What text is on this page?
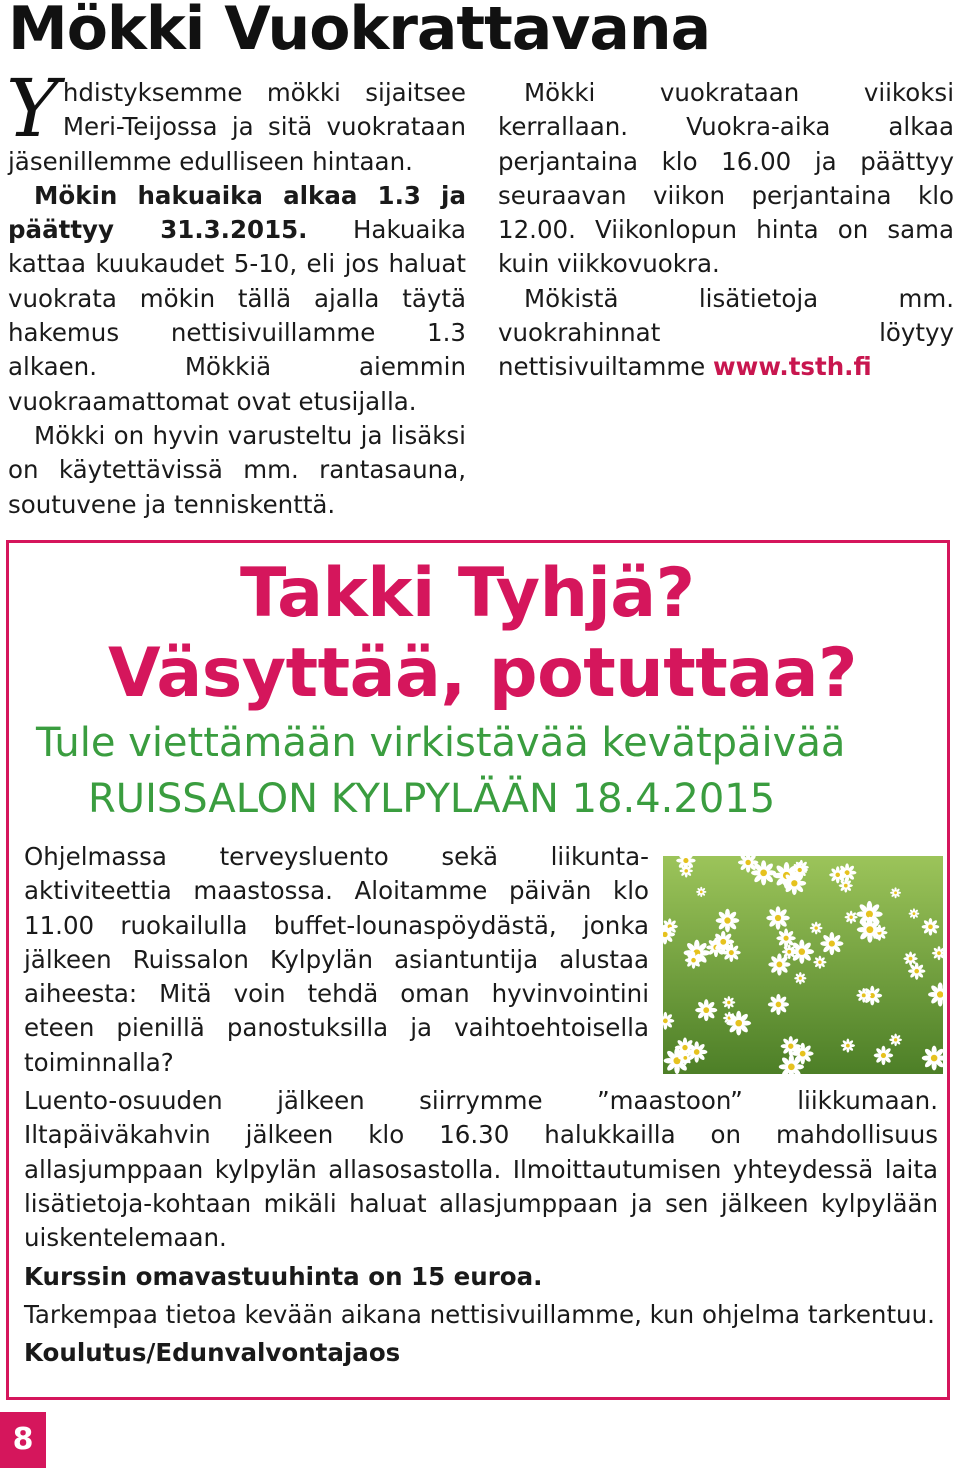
Mökki Vuokrattavana

Yhdistyksemme mökki sijaitsee Meri-Teijossa ja sitä vuokrataan jäsenillemme edulliseen hintaan.

Mökin hakuaika alkaa 1.3 ja päättyy 31.3.2015. Hakuaika kattaa kuukaudet 5-10, eli jos haluat vuokrata mökin tällä ajalla täytä hakemus nettisivuillamme 1.3 alkaen. Mökkiä aiemmin vuokraamattomat ovat etusijalla.

Mökki on hyvin varusteltu ja lisäksi on käytettävissä mm. rantasauna, soutuvene ja tenniskenttä.

Mökki vuokrataan viikoksi kerrallaan. Vuokra-aika alkaa perjantaina klo 16.00 ja päättyy seuraavan viikon perjantaina klo 12.00. Viikonlopun hinta on sama kuin viikkovuokra.

Mökistä lisätietoja mm. vuokrahinnat löytyy nettisivuiltamme www.tsth.fi

Takki Tyhjä?
Väsyttää, potuttaa?
Tule viettämään virkistävää kevätpäivää
RUISSALON KYLPYLÄÄN 18.4.2015

Ohjelmassa terveysluento sekä liikunta-aktiviteettia maastossa. Aloitamme päivän klo 11.00 ruokailulla buffet-lounaspöydästä, jonka jälkeen Ruissalon Kylpylän asiantuntija alustaa aiheesta: Mitä voin tehdä oman hyvinvointini eteen pienillä panostuksilla ja vaihtoehtoisella toiminnalla?

Luento-osuuden jälkeen siirrymme ”maastoon” liikkumaan. Iltapäiväkahvin jälkeen klo 16.30 halukkailla on mahdollisuus allasjumppaan kylpylän allasosastolla. Ilmoittautumisen yhteydessä laita lisätietoja-kohtaan mikäli haluat allasjumppaan ja sen jälkeen kylpylään uiskentelemaan.

Kurssin omavastuuhinta on 15 euroa.

Tarkempaa tietoa kevään aikana nettisivuillamme, kun ohjelma tarkentuu.

Koulutus/Edunvalvontajaos

8
